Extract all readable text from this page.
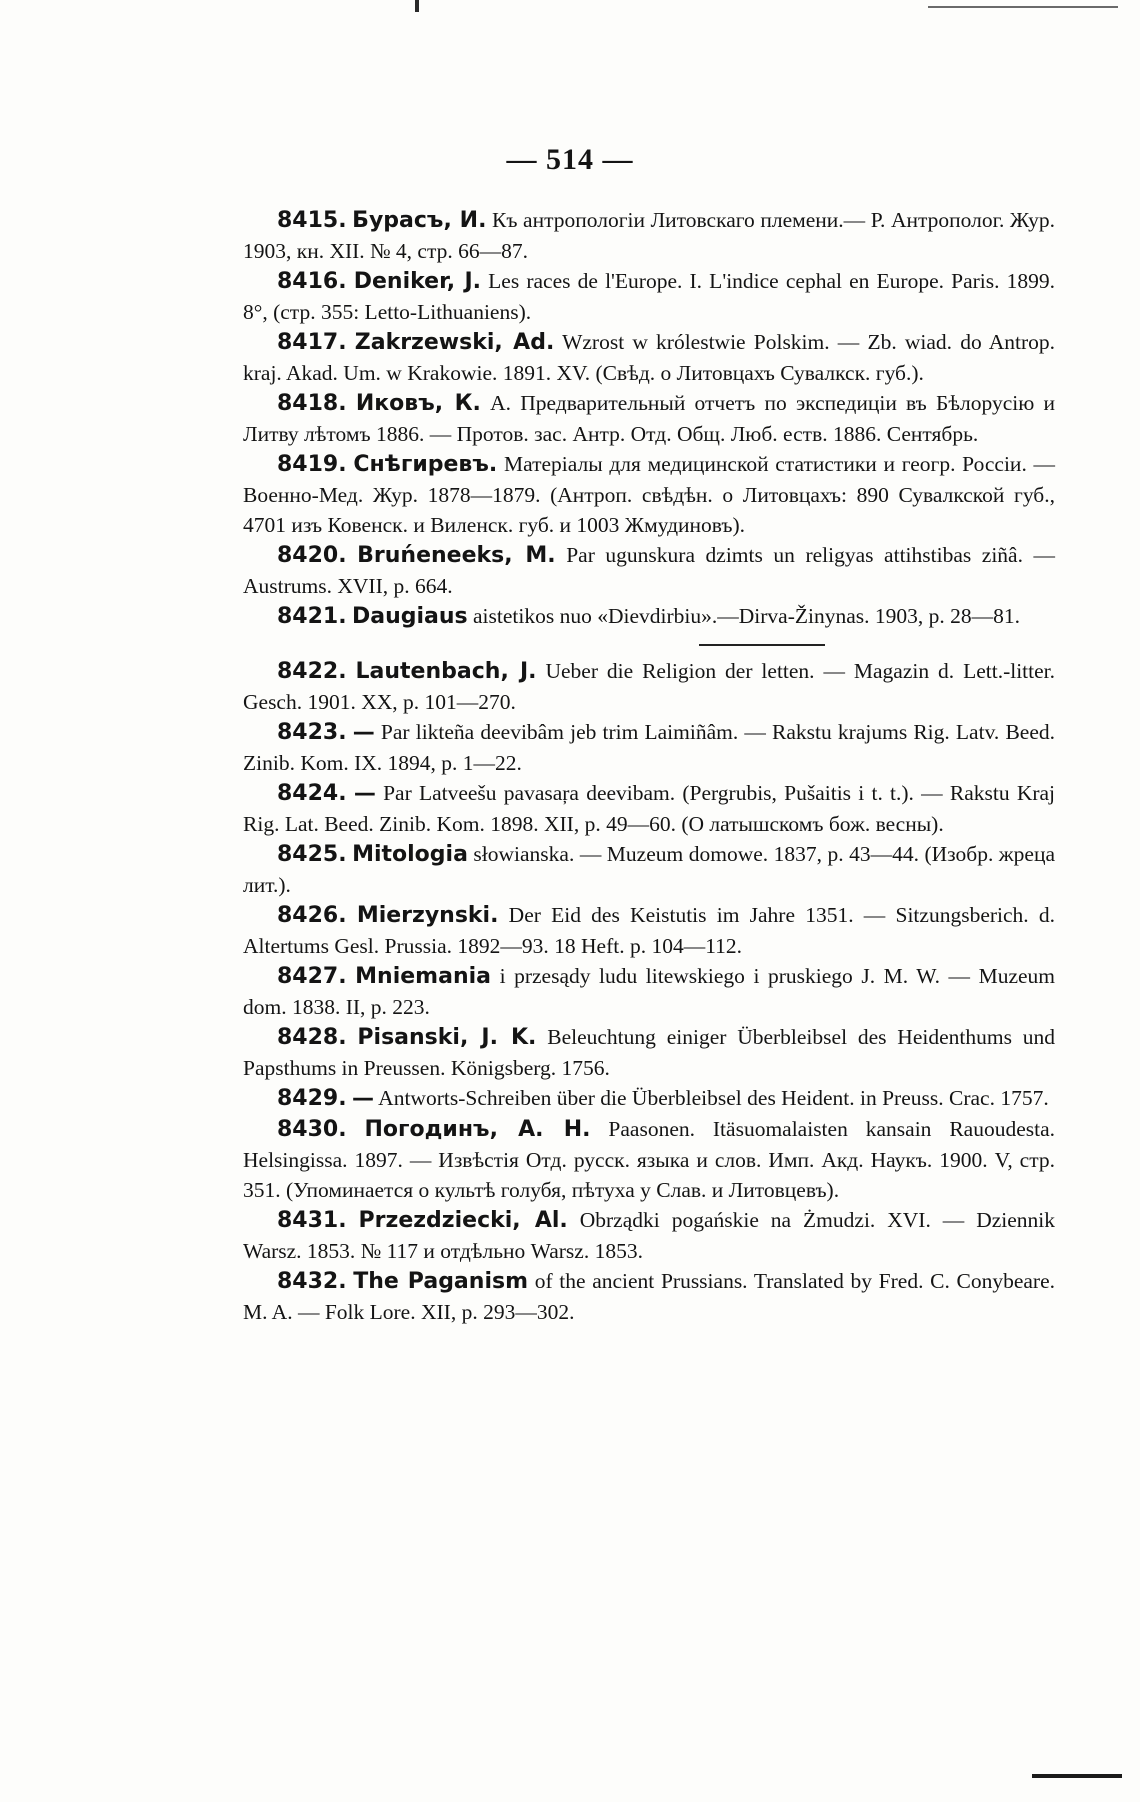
— 514 —

8415. Бурасъ, И. Къ антропологіи Литовскаго племени.— Р. Антрополог. Жур. 1903, кн. XII. № 4, стр. 66—87.

8416. Deniker, J. Les races de l'Europe. I. L'indice cephal en Europe. Paris. 1899. 8°, (стр. 355: Letto-Lithuaniens).

8417. Zakrzewski, Ad. Wzrost w królestwie Polskim. — Zb. wiad. do Antrop. kraj. Akad. Um. w Krakowie. 1891. XV. (Свѣд. о Литовцахъ Сувалкск. губ.).

8418. Иковъ, К. А. Предварительный отчетъ по экспедиціи въ Бѣлорусію и Литву лѣтомъ 1886. — Протов. зас. Антр. Отд. Общ. Люб. еств. 1886. Сентябрь.

8419. Снѣгиревъ. Матеріалы для медицинской статистики и геогр. Россіи. — Военно-Мед. Жур. 1878—1879. (Антроп. свѣдѣн. о Литовцахъ: 890 Сувалкской губ., 4701 изъ Ковенск. и Виленск. губ. и 1003 Жмудиновъ).

8420. Bruńeneeks, M. Par ugunskura dzimts un religyas attihstibas ziñâ. — Austrums. XVII, p. 664.

8421. Daugiaus aistetikos nuo «Dievdirbiu».—Dirva-Žinynas. 1903, p. 28—81.

8422. Lautenbach, J. Ueber die Religion der letten. — Magazin d. Lett.-litter. Gesch. 1901. XX, p. 101—270.

8423. — Par likteña deevibâm jeb trim Laimiñâm. — Rakstu krajums Rig. Latv. Beed. Zinib. Kom. IX. 1894, p. 1—22.

8424. — Par Latveešu pavasaŗa deevibam. (Pergrubis, Pušaitis i t. t.). — Rakstu Kraj Rig. Lat. Beed. Zinib. Kom. 1898. XII, p. 49—60. (О латышскомъ бож. весны).

8425. Mitologia słowianska. — Muzeum domowe. 1837, p. 43—44. (Изобр. жреца лит.).

8426. Mierzynski. Der Eid des Keistutis im Jahre 1351. — Sitzungsberich. d. Altertums Gesl. Prussia. 1892—93. 18 Heft. p. 104—112.

8427. Mniemania i przesądy ludu litewskiego i pruskiego J. M. W. — Muzeum dom. 1838. II, p. 223.

8428. Pisanski, J. K. Beleuchtung einiger Überbleibsel des Heidenthums und Papsthums in Preussen. Königsberg. 1756.

8429. — Antworts-Schreiben über die Überbleibsel des Heident. in Preuss. Crac. 1757.

8430. Погодинъ, А. Н. Paasonen. Itäsuomalaisten kansain Rauoudesta. Helsingissa. 1897. — Извѣстія Отд. русск. языка и слов. Имп. Акд. Наукъ. 1900. V, стр. 351. (Упоминается о культѣ голубя, пѣтуха у Слав. и Литовцевъ).

8431. Przezdziecki, Al. Obrządki pogańskie na Żmudzi. XVI. — Dziennik Warsz. 1853. № 117 и отдѣльно Warsz. 1853.

8432. The Paganism of the ancient Prussians. Translated by Fred. C. Conybeare. M. A. — Folk Lore. XII, p. 293—302.
